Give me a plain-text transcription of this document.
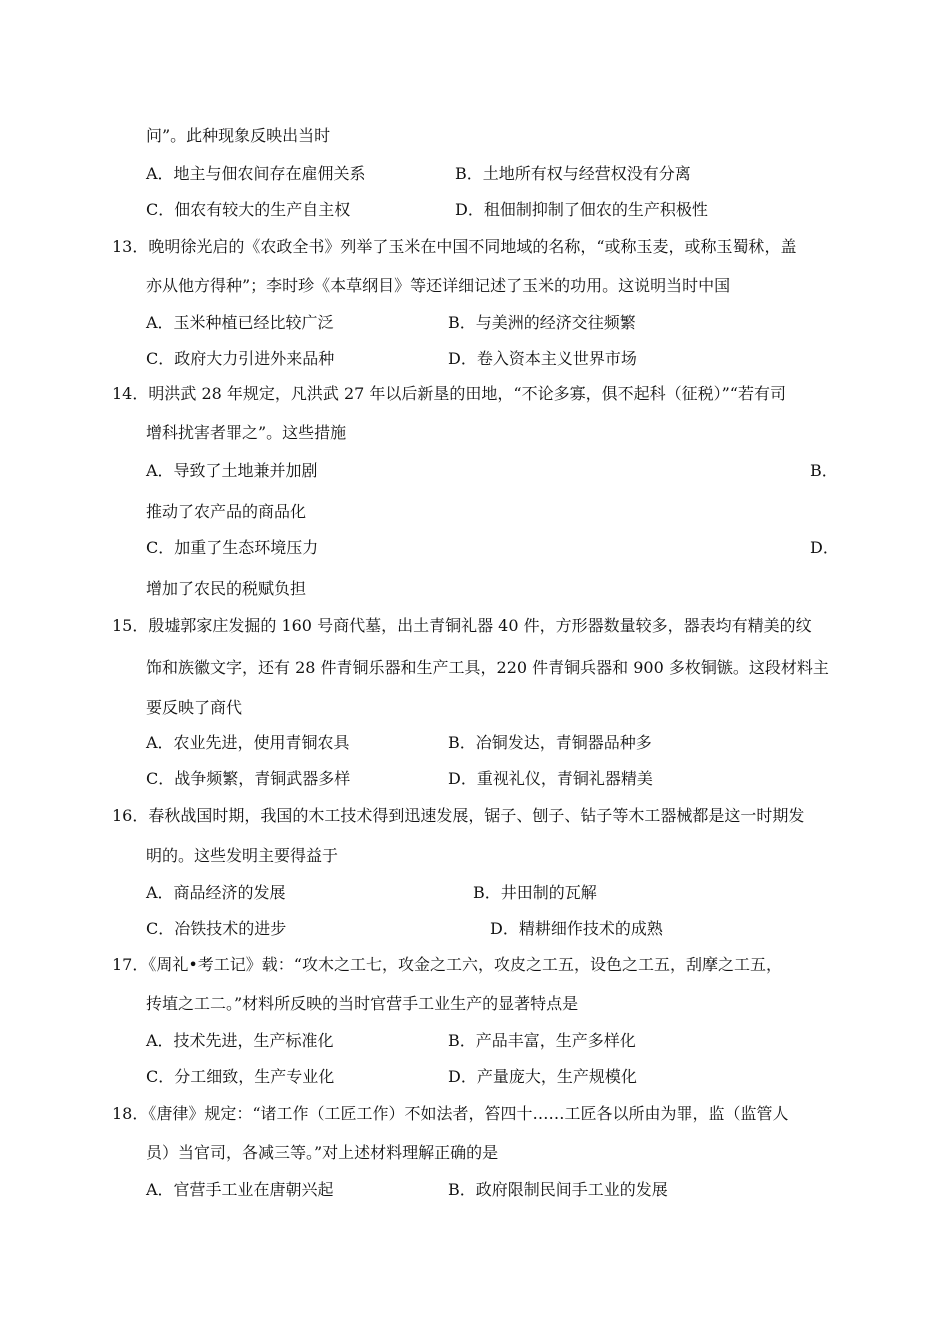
问”。此种现象反映出当时
A．地主与佃农间存在雇佣关系	B．土地所有权与经营权没有分离
C．佃农有较大的生产自主权	D．租佃制抑制了佃农的生产积极性
13．晚明徐光启的《农政全书》列举了玉米在中国不同地域的名称，“或称玉麦，或称玉蜀秫，盖
亦从他方得种”；李时珍《本草纲目》等还详细记述了玉米的功用。这说明当时中国
A．玉米种植已经比较广泛	B．与美洲的经济交往频繁
C．政府大力引进外来品种	D．卷入资本主义世界市场
14．明洪武 28 年规定，凡洪武 27 年以后新垦的田地，“不论多寡，俱不起科（征税）”“若有司
增科扰害者罪之”。这些措施
A．导致了土地兼并加剧	B．
推动了农产品的商品化
C．加重了生态环境压力	D．
增加了农民的税赋负担
15．殷墟郭家庄发掘的 160 号商代墓，出土青铜礼器 40 件，方形器数量较多，器表均有精美的纹
饰和族徽文字，还有 28 件青铜乐器和生产工具，220 件青铜兵器和 900 多枚铜镞。这段材料主
要反映了商代
A．农业先进，使用青铜农具	B．冶铜发达，青铜器品种多
C．战争频繁，青铜武器多样	D．重视礼仪，青铜礼器精美
16．春秋战国时期，我国的木工技术得到迅速发展，锯子、刨子、钻子等木工器械都是这一时期发
明的。这些发明主要得益于
A．商品经济的发展	B．井田制的瓦解
C．冶铁技术的进步	D．精耕细作技术的成熟
17．《周礼•考工记》载：“攻木之工七，攻金之工六，攻皮之工五，设色之工五，刮摩之工五，
抟埴之工二。”材料所反映的当时官营手工业生产的显著特点是
A．技术先进，生产标准化	B．产品丰富，生产多样化
C．分工细致，生产专业化	D．产量庞大，生产规模化
18．《唐律》规定：“诸工作（工匠工作）不如法者，笞四十……工匠各以所由为罪，监（监管人
员）当官司，各减三等。”对上述材料理解正确的是
A．官营手工业在唐朝兴起	B．政府限制民间手工业的发展
